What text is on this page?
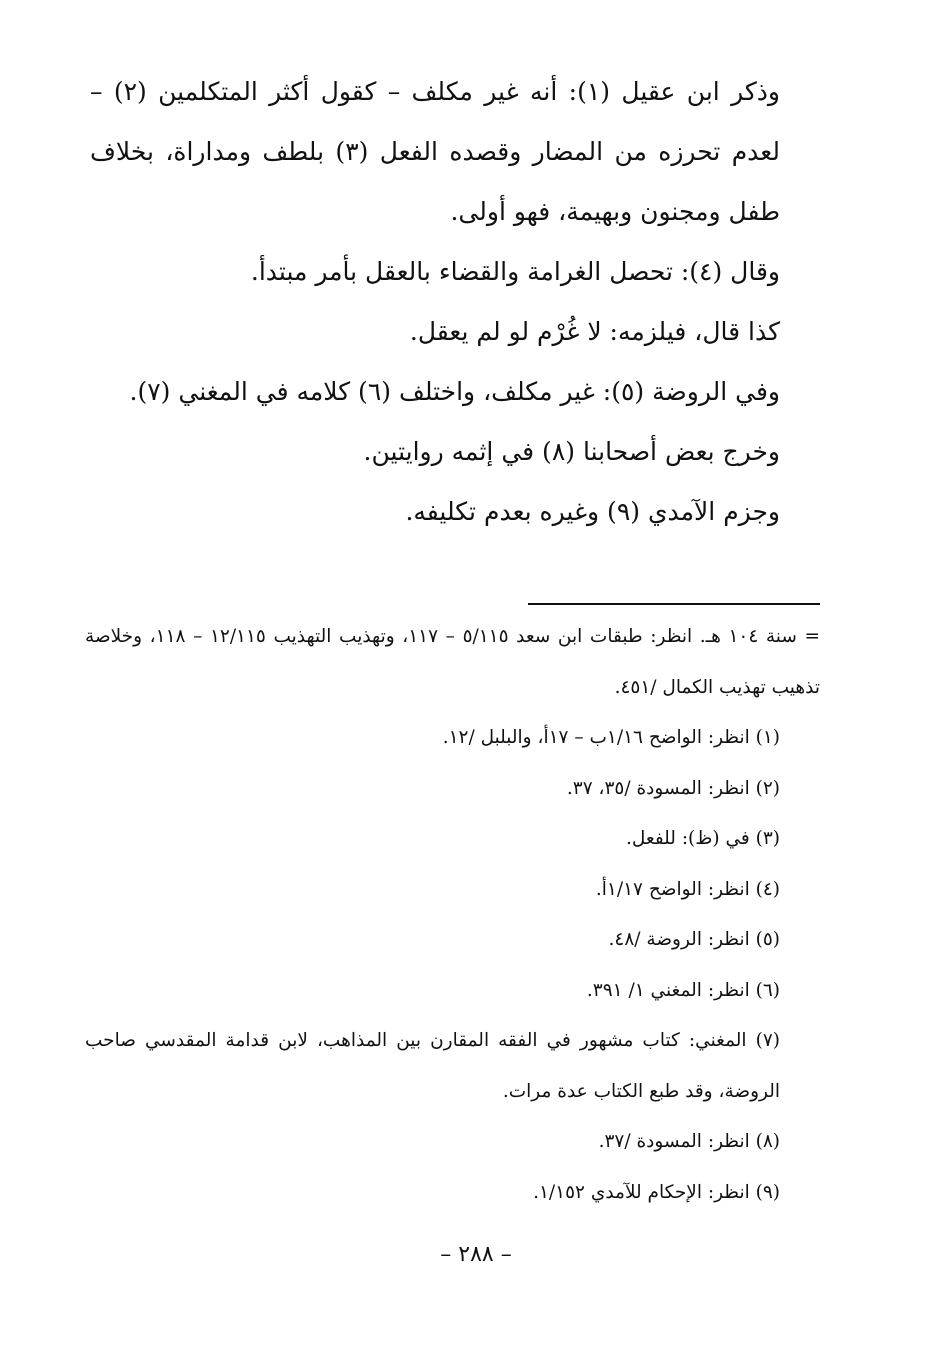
وذكر ابن عقيل (١): أنه غير مكلف – كقول أكثر المتكلمين (٢) – لعدم تحرزه من المضار وقصده الفعل (٣) بلطف ومداراة، بخلاف طفل ومجنون وبهيمة، فهو أولى.

وقال (٤): تحصل الغرامة والقضاء بالعقل بأمر مبتدأ.

كذا قال، فيلزمه: لا غُرْم لو لم يعقل.

وفي الروضة (٥): غير مكلف، واختلف (٦) كلامه في المغني (٧).

وخرج بعض أصحابنا (٨) في إثمه روايتين.

وجزم الآمدي (٩) وغيره بعدم تكليفه.

= سنة ١٠٤ هـ. انظر: طبقات ابن سعد ٥/١١٥ – ١١٧، وتهذيب التهذيب ١٢/١١٥ – ١١٨، وخلاصة تذهيب تهذيب الكمال /٤٥١.

(١) انظر: الواضح ١/١٦ب – ١٧أ، والبلبل /١٢.

(٢) انظر: المسودة /٣٥، ٣٧.

(٣) في (ظ): للفعل.

(٤) انظر: الواضح ١/١٧أ.

(٥) انظر: الروضة /٤٨.

(٦) انظر: المغني ١/ ٣٩١.

(٧) المغني: كتاب مشهور في الفقه المقارن بين المذاهب، لابن قدامة المقدسي صاحب الروضة، وقد طبع الكتاب عدة مرات.

(٨) انظر: المسودة /٣٧.

(٩) انظر: الإحكام للآمدي ١/١٥٢.

– ٢٨٨ –
